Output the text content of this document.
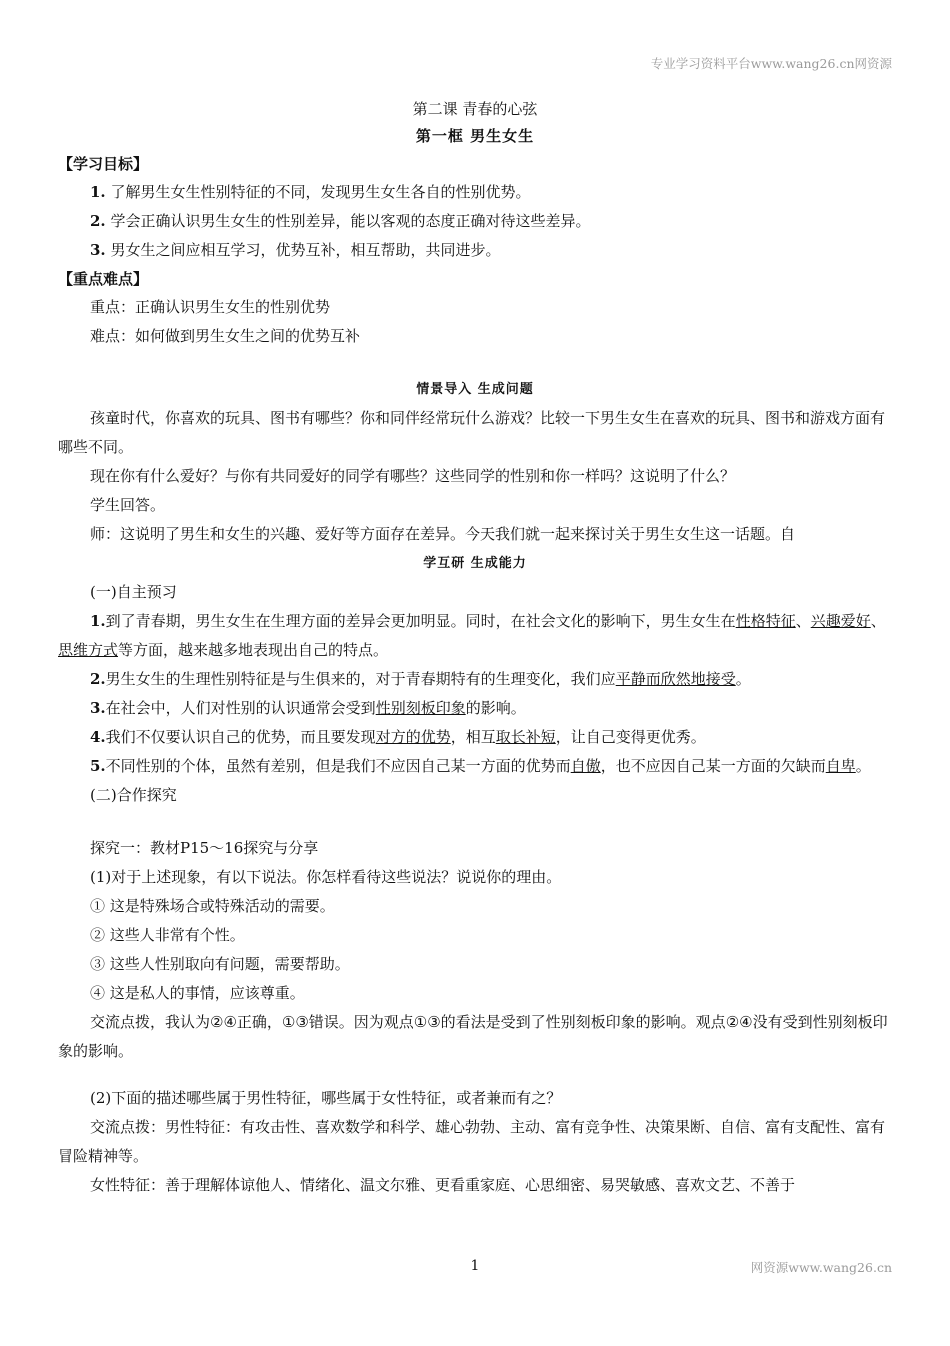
专业学习资料平台www.wang26.cn网资源
第二课 青春的心弦
第一框 男生女生
【学习目标】
1. 了解男生女生性别特征的不同，发现男生女生各自的性别优势。
2. 学会正确认识男生女生的性别差异，能以客观的态度正确对待这些差异。
3. 男女生之间应相互学习，优势互补，相互帮助，共同进步。
【重点难点】
重点：正确认识男生女生的性别优势
难点：如何做到男生女生之间的优势互补
情景导入 生成问题
孩童时代，你喜欢的玩具、图书有哪些？你和同伴经常玩什么游戏？比较一下男生女生在喜欢的玩具、图书和游戏方面有哪些不同。
现在你有什么爱好？与你有共同爱好的同学有哪些？这些同学的性别和你一样吗？这说明了什么？
学生回答。
师：这说明了男生和女生的兴趣、爱好等方面存在差异。今天我们就一起来探讨关于男生女生这一话题。自
学互研 生成能力
(一)自主预习
1.到了青春期，男生女生在生理方面的差异会更加明显。同时，在社会文化的影响下，男生女生在性格特征、兴趣爱好、思维方式等方面，越来越多地表现出自己的特点。
2.男生女生的生理性别特征是与生俱来的，对于青春期特有的生理变化，我们应平静而欣然地接受。
3.在社会中，人们对性别的认识通常会受到性别刻板印象的影响。
4.我们不仅要认识自己的优势，而且要发现对方的优势，相互取长补短，让自己变得更优秀。
5.不同性别的个体，虽然有差别，但是我们不应因自己某一方面的优势而自傲，也不应因自己某一方面的欠缺而自卑。
(二)合作探究
探究一：教材P15～16探究与分享
(1)对于上述现象，有以下说法。你怎样看待这些说法？说说你的理由。
① 这是特殊场合或特殊活动的需要。
② 这些人非常有个性。
③ 这些人性别取向有问题，需要帮助。
④ 这是私人的事情，应该尊重。
交流点拨，我认为②④正确，①③错误。因为观点①③的看法是受到了性别刻板印象的影响。观点②④没有受到性别刻板印象的影响。
(2)下面的描述哪些属于男性特征，哪些属于女性特征，或者兼而有之？
交流点拨：男性特征：有攻击性、喜欢数学和科学、雄心勃勃、主动、富有竞争性、决策果断、自信、富有支配性、富有冒险精神等。
女性特征：善于理解体谅他人、情绪化、温文尔雅、更看重家庭、心思细密、易哭敏感、喜欢文艺、不善于
1	网资源www.wang26.cn
